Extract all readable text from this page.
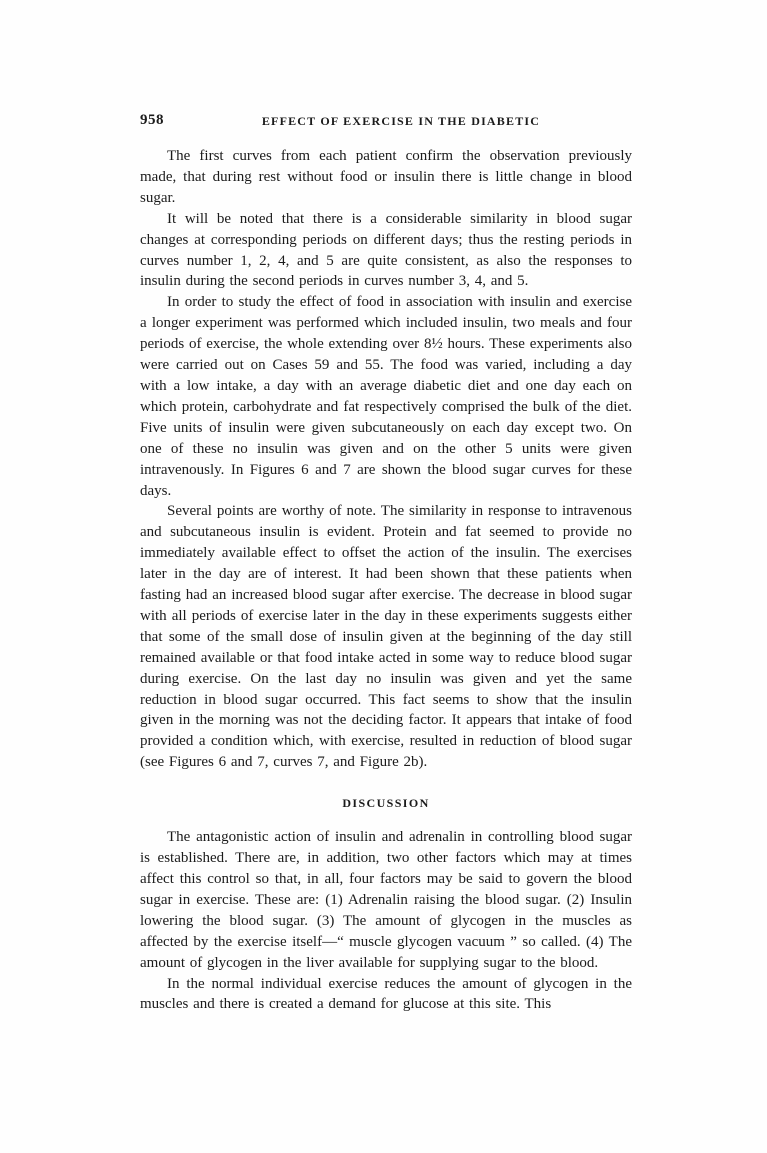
958	EFFECT OF EXERCISE IN THE DIABETIC

The first curves from each patient confirm the observation previously made, that during rest without food or insulin there is little change in blood sugar.

It will be noted that there is a considerable similarity in blood sugar changes at corresponding periods on different days; thus the resting periods in curves number 1, 2, 4, and 5 are quite consistent, as also the responses to insulin during the second periods in curves number 3, 4, and 5.

In order to study the effect of food in association with insulin and exercise a longer experiment was performed which included insulin, two meals and four periods of exercise, the whole extending over 8½ hours. These experiments also were carried out on Cases 59 and 55. The food was varied, including a day with a low intake, a day with an average diabetic diet and one day each on which protein, carbohydrate and fat respectively comprised the bulk of the diet. Five units of insulin were given subcutaneously on each day except two. On one of these no insulin was given and on the other 5 units were given intravenously. In Figures 6 and 7 are shown the blood sugar curves for these days.

Several points are worthy of note. The similarity in response to intravenous and subcutaneous insulin is evident. Protein and fat seemed to provide no immediately available effect to offset the action of the insulin. The exercises later in the day are of interest. It had been shown that these patients when fasting had an increased blood sugar after exercise. The decrease in blood sugar with all periods of exercise later in the day in these experiments suggests either that some of the small dose of insulin given at the beginning of the day still remained available or that food intake acted in some way to reduce blood sugar during exercise. On the last day no insulin was given and yet the same reduction in blood sugar occurred. This fact seems to show that the insulin given in the morning was not the deciding factor. It appears that intake of food provided a condition which, with exercise, resulted in reduction of blood sugar (see Figures 6 and 7, curves 7, and Figure 2b).

DISCUSSION

The antagonistic action of insulin and adrenalin in controlling blood sugar is established. There are, in addition, two other factors which may at times affect this control so that, in all, four factors may be said to govern the blood sugar in exercise. These are: (1) Adrenalin raising the blood sugar. (2) Insulin lowering the blood sugar. (3) The amount of glycogen in the muscles as affected by the exercise itself—“ muscle glycogen vacuum ” so called. (4) The amount of glycogen in the liver available for supplying sugar to the blood.

In the normal individual exercise reduces the amount of glycogen in the muscles and there is created a demand for glucose at this site. This
